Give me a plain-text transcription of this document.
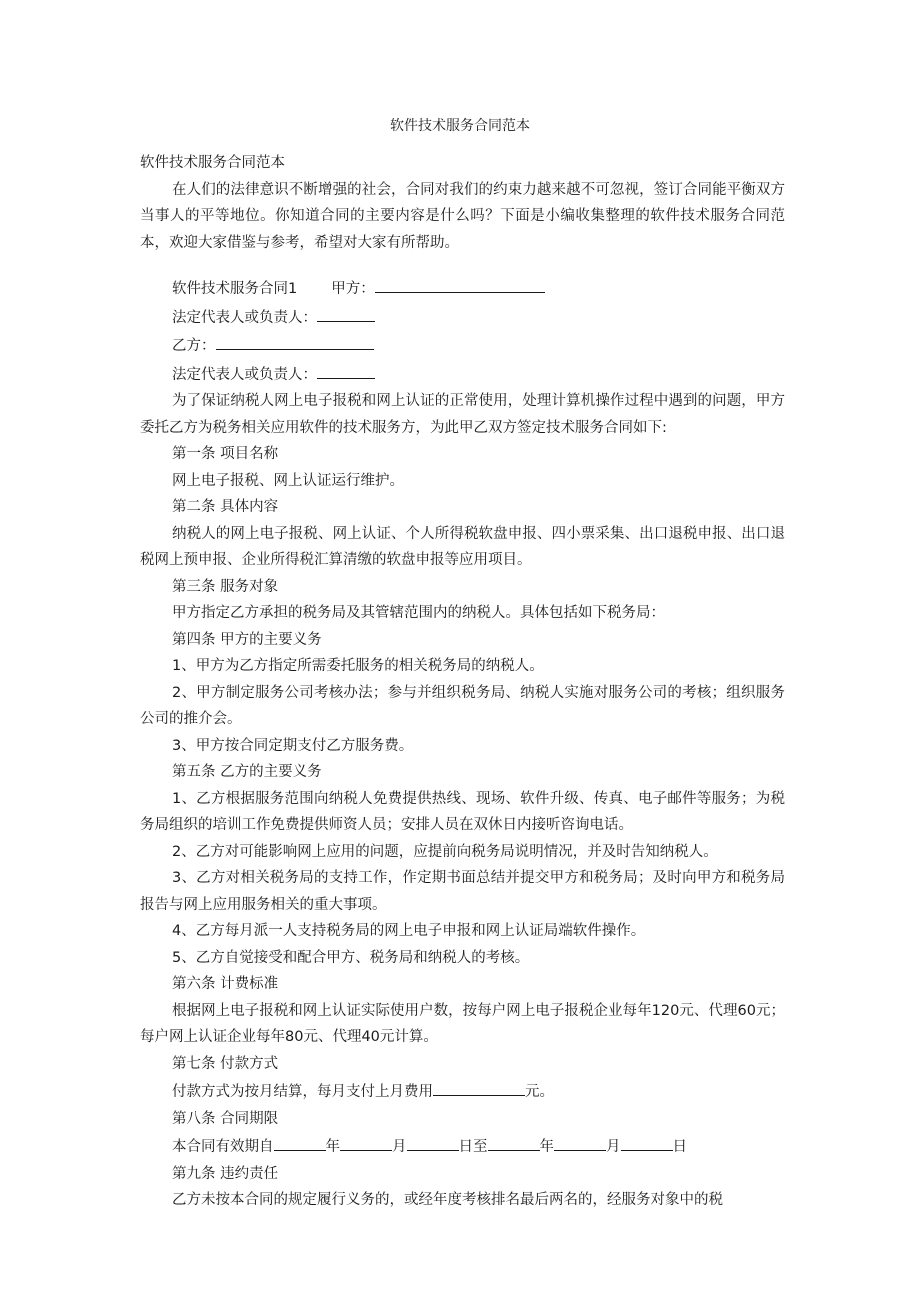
软件技术服务合同范本

软件技术服务合同范本

在人们的法律意识不断增强的社会，合同对我们的约束力越来越不可忽视，签订合同能平衡双方当事人的平等地位。你知道合同的主要内容是什么吗？下面是小编收集整理的软件技术服务合同范本，欢迎大家借鉴与参考，希望对大家有所帮助。

软件技术服务合同1 甲方：

法定代表人或负责人：

乙方：

法定代表人或负责人：

为了保证纳税人网上电子报税和网上认证的正常使用，处理计算机操作过程中遇到的问题，甲方委托乙方为税务相关应用软件的技术服务方，为此甲乙双方签定技术服务合同如下:

第一条 项目名称

网上电子报税、网上认证运行维护。

第二条 具体内容

纳税人的网上电子报税、网上认证、个人所得税软盘申报、四小票采集、出口退税申报、出口退税网上预申报、企业所得税汇算清缴的软盘申报等应用项目。

第三条 服务对象

甲方指定乙方承担的税务局及其管辖范围内的纳税人。具体包括如下税务局：

第四条 甲方的主要义务

1、甲方为乙方指定所需委托服务的相关税务局的纳税人。

2、甲方制定服务公司考核办法；参与并组织税务局、纳税人实施对服务公司的考核；组织服务公司的推介会。

3、甲方按合同定期支付乙方服务费。

第五条 乙方的主要义务

1、乙方根据服务范围向纳税人免费提供热线、现场、软件升级、传真、电子邮件等服务；为税务局组织的培训工作免费提供师资人员；安排人员在双休日内接听咨询电话。

2、乙方对可能影响网上应用的问题，应提前向税务局说明情况，并及时告知纳税人。

3、乙方对相关税务局的支持工作，作定期书面总结并提交甲方和税务局；及时向甲方和税务局报告与网上应用服务相关的重大事项。

4、乙方每月派一人支持税务局的网上电子申报和网上认证局端软件操作。

5、乙方自觉接受和配合甲方、税务局和纳税人的考核。

第六条 计费标准

根据网上电子报税和网上认证实际使用户数，按每户网上电子报税企业每年120元、代理60元；每户网上认证企业每年80元、代理40元计算。

第七条 付款方式

付款方式为按月结算，每月支付上月费用	元。

第八条 合同期限

本合同有效期自	年	月	日至	年	月	日

第九条 违约责任

乙方未按本合同的规定履行义务的，或经年度考核排名最后两名的，经服务对象中的税
